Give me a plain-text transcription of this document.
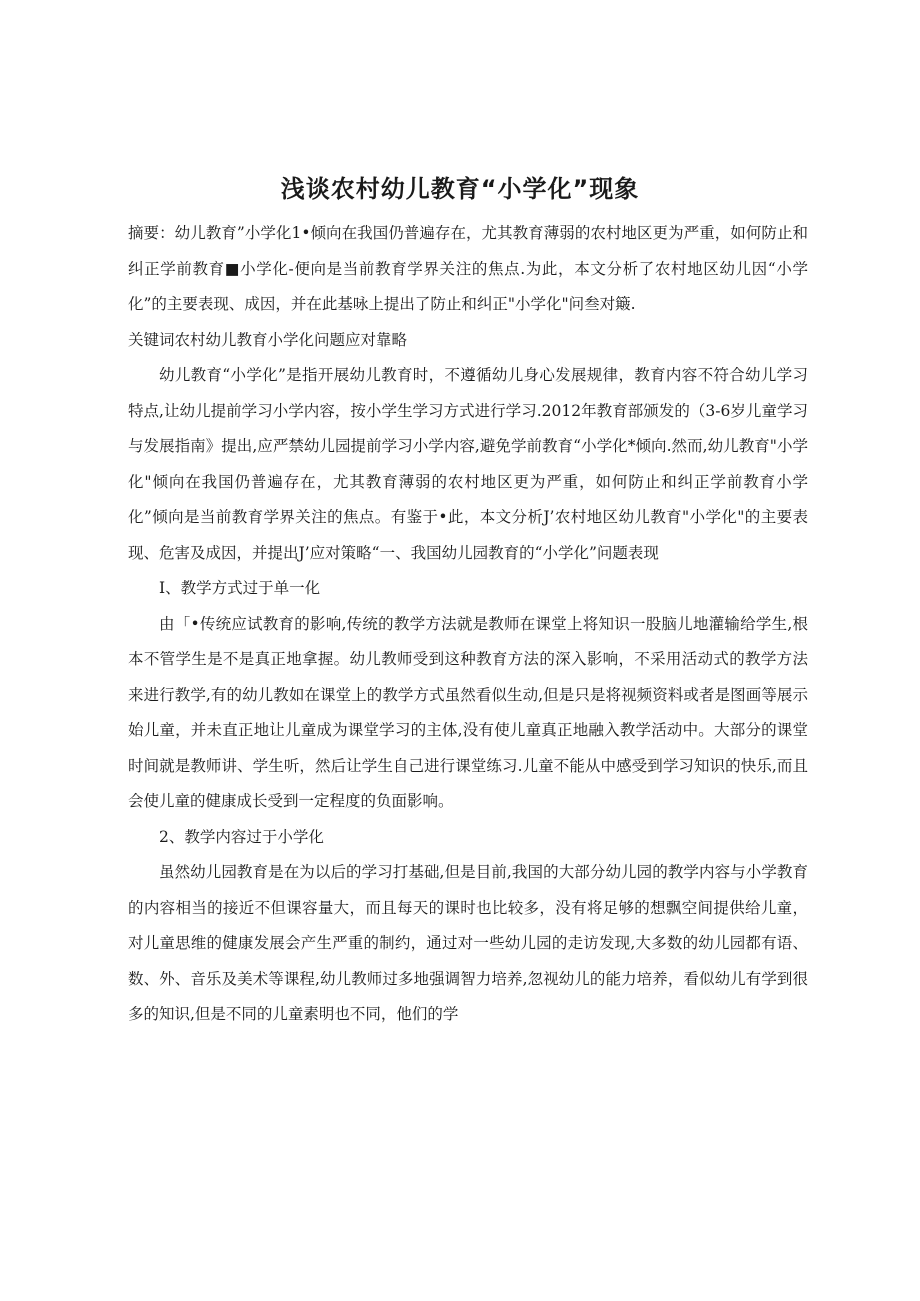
浅谈农村幼儿教育“小学化”现象

摘要：幼儿教育”小学化1•倾向在我国仍普遍存在，尤其教育薄弱的农村地区更为严重，如何防止和纠正学前教育■小学化-便向是当前教育学界关注的焦点.为此，本文分析了农村地区幼儿因“小学化”的主要表现、成因，并在此基咏上提出了防止和纠正"小学化"问叁对簸.

关键词农村幼儿教育小学化问题应对靠略

幼儿教育“小学化”是指开展幼儿教育时，不遵循幼儿身心发展规律，教育内容不符合幼儿学习特点,让幼儿提前学习小学内容，按小学生学习方式进行学习.2012年教育部颁发的（3-6岁儿童学习与发展指南》提出,应严禁幼儿园提前学习小学内容,避免学前教育“小学化*倾向.然而,幼儿教育"小学化"倾向在我国仍普遍存在，尤其教育薄弱的农村地区更为严重，如何防止和纠正学前教育小学化”倾向是当前教育学界关注的焦点。有鉴于•此，本文分析J’农村地区幼儿教育"小学化"的主要表现、危害及成因，并提出J’应对策略“一、我国幼儿园教育的“小学化”问题表现

I、教学方式过于单一化

由「•传统应试教育的影响,传统的教学方法就是教师在课堂上将知识一股脑儿地灌输给学生,根本不管学生是不是真正地拿握。幼儿教师受到这种教育方法的深入影响，不采用活动式的教学方法来进行教学,有的幼儿教如在课堂上的教学方式虽然看似生动,但是只是将视频资料或者是图画等展示始儿童，并未直正地让儿童成为课堂学习的主体,没有使儿童真正地融入教学活动中。大部分的课堂时间就是教师讲、学生听，然后让学生自己进行课堂练习.儿童不能从中感受到学习知识的快乐,而且会使儿童的健康成长受到一定程度的负面影响。

2、教学内容过于小学化

虽然幼儿园教育是在为以后的学习打基础,但是目前,我国的大部分幼儿园的教学内容与小学教育的内容相当的接近不但课容量大，而且每天的课时也比较多，没有将足够的想飘空间提供给儿童，对儿童思维的健康发展会产生严重的制约，通过对一些幼儿园的走访发现,大多数的幼儿园都有语、数、外、音乐及美术等课程,幼儿教师过多地强调智力培养,忽视幼儿的能力培养，看似幼儿有学到很多的知识,但是不同的儿童素明也不同，他们的学
